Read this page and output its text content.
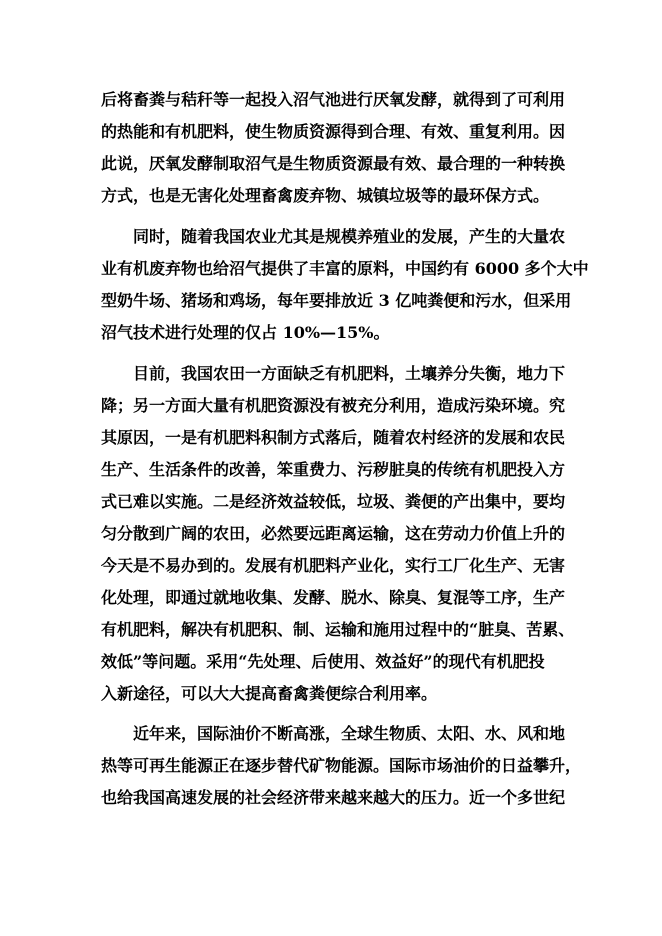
后将畜粪与秸秆等一起投入沼气池进行厌氧发酵，就得到了可利用
的热能和有机肥料，使生物质资源得到合理、有效、重复利用。因
此说，厌氧发酵制取沼气是生物质资源最有效、最合理的一种转换
方式，也是无害化处理畜禽废弃物、城镇垃圾等的最环保方式。
同时，随着我国农业尤其是规模养殖业的发展，产生的大量农
业有机废弃物也给沼气提供了丰富的原料，中国约有 6000 多个大中
型奶牛场、猪场和鸡场，每年要排放近 3 亿吨粪便和污水，但采用
沼气技术进行处理的仅占 10%—15%。
目前，我国农田一方面缺乏有机肥料，土壤养分失衡，地力下
降；另一方面大量有机肥资源没有被充分利用，造成污染环境。究
其原因，一是有机肥料积制方式落后，随着农村经济的发展和农民
生产、生活条件的改善，笨重费力、污秽脏臭的传统有机肥投入方
式已难以实施。二是经济效益较低，垃圾、粪便的产出集中，要均
匀分散到广阔的农田，必然要远距离运输，这在劳动力价值上升的
今天是不易办到的。发展有机肥料产业化，实行工厂化生产、无害
化处理，即通过就地收集、发酵、脱水、除臭、复混等工序，生产
有机肥料，解决有机肥积、制、运输和施用过程中的“脏臭、苦累、
效低”等问题。采用“先处理、后使用、效益好”的现代有机肥投
入新途径，可以大大提高畜禽粪便综合利用率。
近年来，国际油价不断高涨，全球生物质、太阳、水、风和地
热等可再生能源正在逐步替代矿物能源。国际市场油价的日益攀升，
也给我国高速发展的社会经济带来越来越大的压力。近一个多世纪
